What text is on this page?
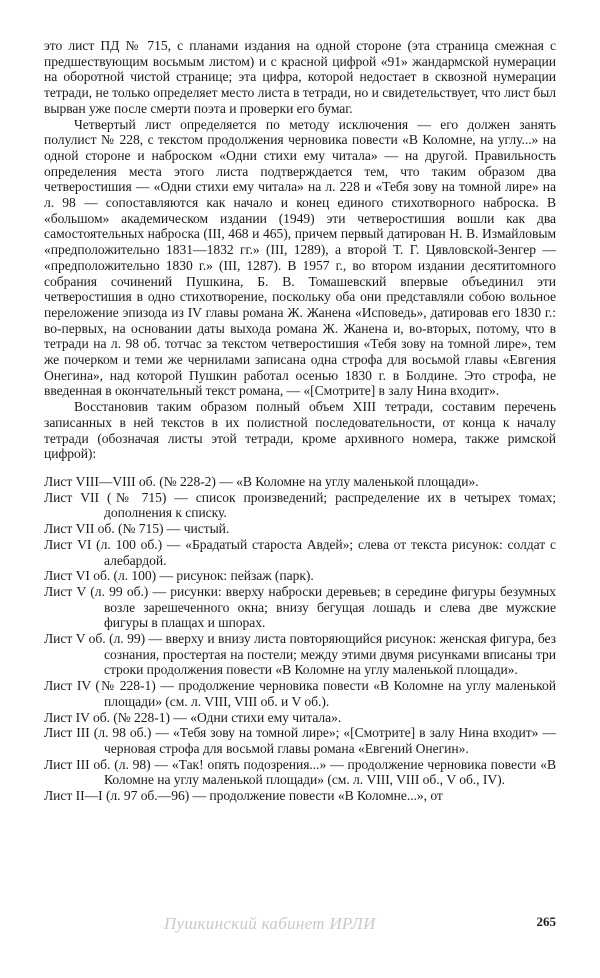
это лист ПД № 715, с планами издания на одной стороне (эта страница смежная с предшествующим восьмым листом) и с красной цифрой «91» жандармской нумерации на оборотной чистой странице; эта цифра, которой недостает в сквозной нумерации тетради, не только определяет место листа в тетради, но и свидетельствует, что лист был вырван уже после смерти поэта и проверки его бумаг.

Четвертый лист определяется по методу исключения — его должен занять полулист № 228, с текстом продолжения черновика повести «В Коломне, на углу...» на одной стороне и наброском «Одни стихи ему читала» — на другой. Правильность определения места этого листа подтверждается тем, что таким образом два четверостишия — «Одни стихи ему читала» на л. 228 и «Тебя зову на томной лире» на л. 98 — сопоставляются как начало и конец единого стихотворного наброска. В «большом» академическом издании (1949) эти четверостишия вошли как два самостоятельных наброска (III, 468 и 465), причем первый датирован Н. В. Измайловым «предположительно 1831—1832 гг.» (III, 1289), а второй Т. Г. Цявловской-Зенгер — «предположительно 1830 г.» (III, 1287). В 1957 г., во втором издании десятитомного собрания сочинений Пушкина, Б. В. Томашевский впервые объединил эти четверостишия в одно стихотворение, поскольку оба они представляли собою вольное переложение эпизода из IV главы романа Ж. Жанена «Исповедь», датировав его 1830 г.: во-первых, на основании даты выхода романа Ж. Жанена и, во-вторых, потому, что в тетради на л. 98 об. тотчас за текстом четверостишия «Тебя зову на томной лире», тем же почерком и теми же чернилами записана одна строфа для восьмой главы «Евгения Онегина», над которой Пушкин работал осенью 1830 г. в Болдине. Это строфа, не введенная в окончательный текст романа, — «[Смотрите] в залу Нина входит».

Восстановив таким образом полный объем XIII тетради, составим перечень записанных в ней текстов в их полистной последовательности, от конца к началу тетради (обозначая листы этой тетради, кроме архивного номера, также римской цифрой):

Лист VIII—VIII об. (№ 228-2) — «В Коломне на углу маленькой площади».

Лист VII (№ 715) — список произведений; распределение их в четырех томах; дополнения к списку.

Лист VII об. (№ 715) — чистый.

Лист VI (л. 100 об.) — «Брадатый староста Авдей»; слева от текста рисунок: солдат с алебардой.

Лист VI об. (л. 100) — рисунок: пейзаж (парк).

Лист V (л. 99 об.) — рисунки: вверху наброски деревьев; в середине фигуры безумных возле зарешеченного окна; внизу бегущая лошадь и слева две мужские фигуры в плащах и шпорах.

Лист V об. (л. 99) — вверху и внизу листа повторяющийся рисунок: женская фигура, без сознания, простертая на постели; между этими двумя рисунками вписаны три строки продолжения повести «В Коломне на углу маленькой площади».

Лист IV (№ 228-1) — продолжение черновика повести «В Коломне на углу маленькой площади» (см. л. VIII, VIII об. и V об.).

Лист IV об. (№ 228-1) — «Одни стихи ему читала».

Лист III (л. 98 об.) — «Тебя зову на томной лире»; «[Смотрите] в залу Нина входит» — черновая строфа для восьмой главы романа «Евгений Онегин».

Лист III об. (л. 98) — «Так! опять подозрения...» — продолжение черновика повести «В Коломне на углу маленькой площади» (см. л. VIII, VIII об., V об., IV).

Лист II—I (л. 97 об.—96) — продолжение повести «В Коломне...», от

Пушкинский кабинет ИРЛИ	265
